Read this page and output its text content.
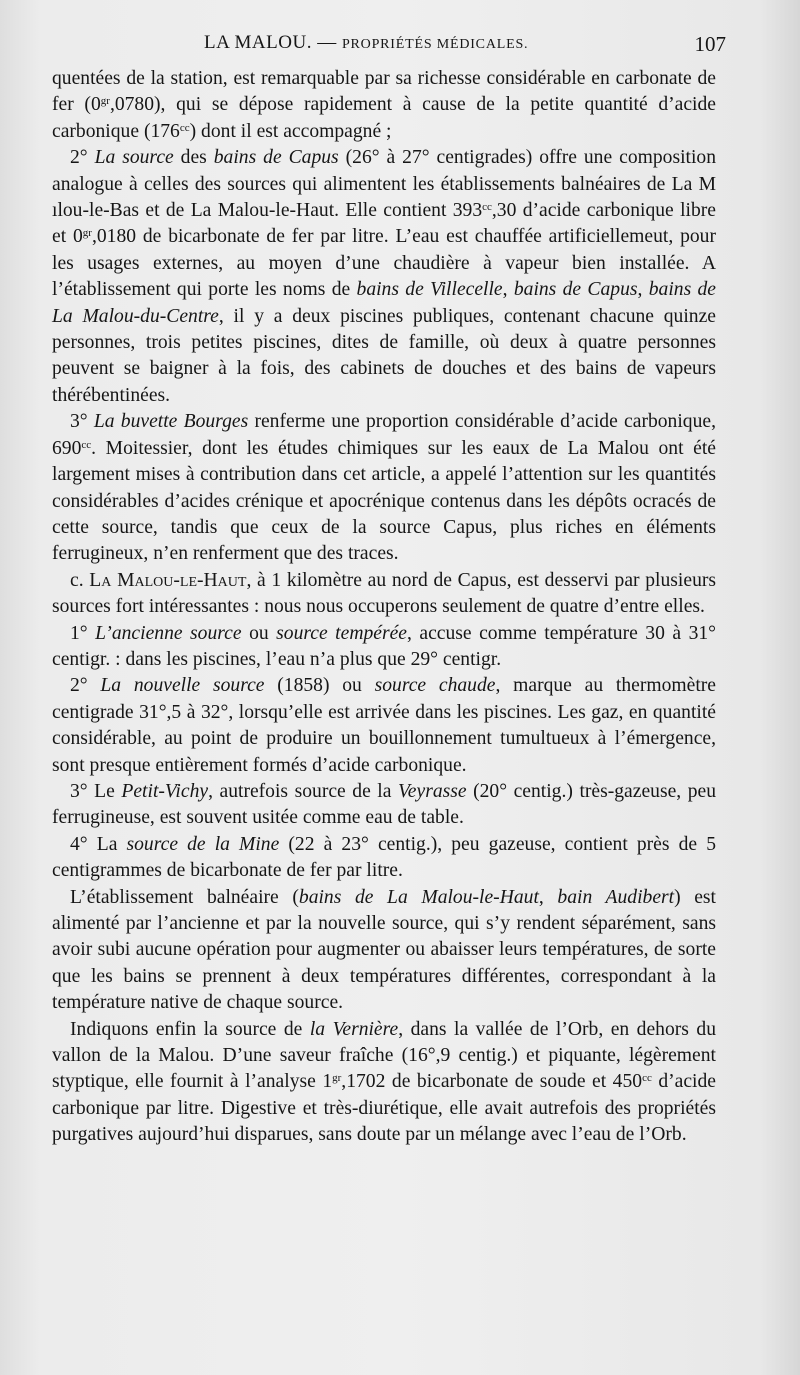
LA MALOU. — PROPRIÉTÉS MÉDICALES.	107

quentées de la station, est remarquable par sa richesse considérable en carbonate de fer $(0^{gr},0780)$, qui se dépose rapidement à cause de la petite quantité d’acide carbonique $(176^{cc})$ dont il est accompagné ;

2° La source des bains de Capus (26° à 27° centigrades) offre une composition analogue à celles des sources qui alimentent les établissements balnéaires de La M ılou-le-Bas et de La Malou-le-Haut. Elle contient $393^{cc},30$ d’acide carbonique libre et $0^{gr},0180$ de bicarbonate de fer par litre. L’eau est chauffée artificiellemeut, pour les usages externes, au moyen d’une chaudière à vapeur bien installée. A l’établissement qui porte les noms de bains de Villecelle, bains de Capus, bains de La Malou-du-Centre, il y a deux piscines publiques, contenant chacune quinze personnes, trois petites piscines, dites de famille, où deux à quatre personnes peuvent se baigner à la fois, des cabinets de douches et des bains de vapeurs thérébentinées.

3° La buvette Bourges renferme une proportion considérable d’acide carbonique, $690^{cc}$. Moitessier, dont les études chimiques sur les eaux de La Malou ont été largement mises à contribution dans cet article, a appelé l’attention sur les quantités considérables d’acides crénique et apocrénique contenus dans les dépôts ocracés de cette source, tandis que ceux de la source Capus, plus riches en éléments ferrugineux, n’en renferment que des traces.

c. La Malou-le-Haut, à 1 kilomètre au nord de Capus, est desservi par plusieurs sources fort intéressantes : nous nous occuperons seulement de quatre d’entre elles.

1° L’ancienne source ou source tempérée, accuse comme température 30 à 31° centigr. : dans les piscines, l’eau n’a plus que 29° centigr.

2° La nouvelle source (1858) ou source chaude, marque au thermomètre centigrade 31°,5 à 32°, lorsqu’elle est arrivée dans les piscines. Les gaz, en quantité considérable, au point de produire un bouillonnement tumultueux à l’émergence, sont presque entièrement formés d’acide carbonique.

3° Le Petit-Vichy, autrefois source de la Veyrasse (20° centig.) très-gazeuse, peu ferrugineuse, est souvent usitée comme eau de table.

4° La source de la Mine (22 à 23° centig.), peu gazeuse, contient près de 5 centigrammes de bicarbonate de fer par litre.

L’établissement balnéaire (bains de La Malou-le-Haut, bain Audibert) est alimenté par l’ancienne et par la nouvelle source, qui s’y rendent séparément, sans avoir subi aucune opération pour augmenter ou abaisser leurs températures, de sorte que les bains se prennent à deux températures différentes, correspondant à la température native de chaque source.

Indiquons enfin la source de la Vernière, dans la vallée de l’Orb, en dehors du vallon de la Malou. D’une saveur fraîche (16°,9 centig.) et piquante, légèrement styptique, elle fournit à l’analyse $1^{gr},1702$ de bicarbonate de soude et $450^{cc}$ d’acide carbonique par litre. Digestive et très-diurétique, elle avait autrefois des propriétés purgatives aujourd’hui disparues, sans doute par un mélange avec l’eau de l’Orb.
